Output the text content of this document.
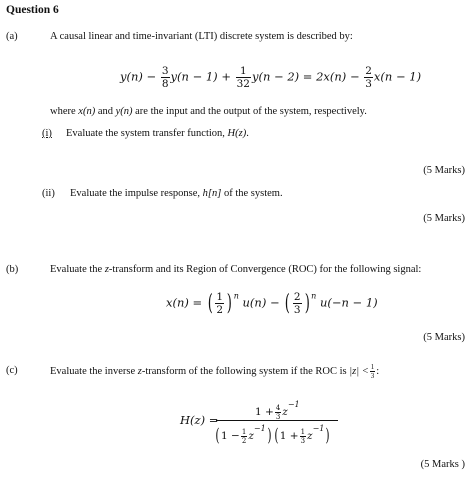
Question 6
(a)	A causal linear and time-invariant (LTI) discrete system is described by:
$y(n) - \frac{3}{8} y(n - 1) + \frac{1}{32} y(n - 2) = 2x(n) - \frac{2}{3} x(n - 1)$
where x(n) and y(n) are the input and the output of the system, respectively.
(i) Evaluate the system transfer function, H(z).
(5 Marks)
(ii) Evaluate the impulse response, h[n] of the system.
(5 Marks)
(b)	Evaluate the z-transform and its Region of Convergence (ROC) for the following signal:
x(n) = ( $\frac{1}{2}$ ) $^n$ u(n) − ( $\frac{2}{3}$ ) $^n$ u(−n − 1)
(5 Marks)
(c)	Evaluate the inverse z-transform of the following system if the ROC is $|z| < \frac{1}{3}$ :
H(z) =
$1 + \frac{4}{3} z^{-1}$
$(1 - \frac{1}{2} z^{-1})$ $(1 + \frac{1}{3} z^{-1})$
(5 Marks )
